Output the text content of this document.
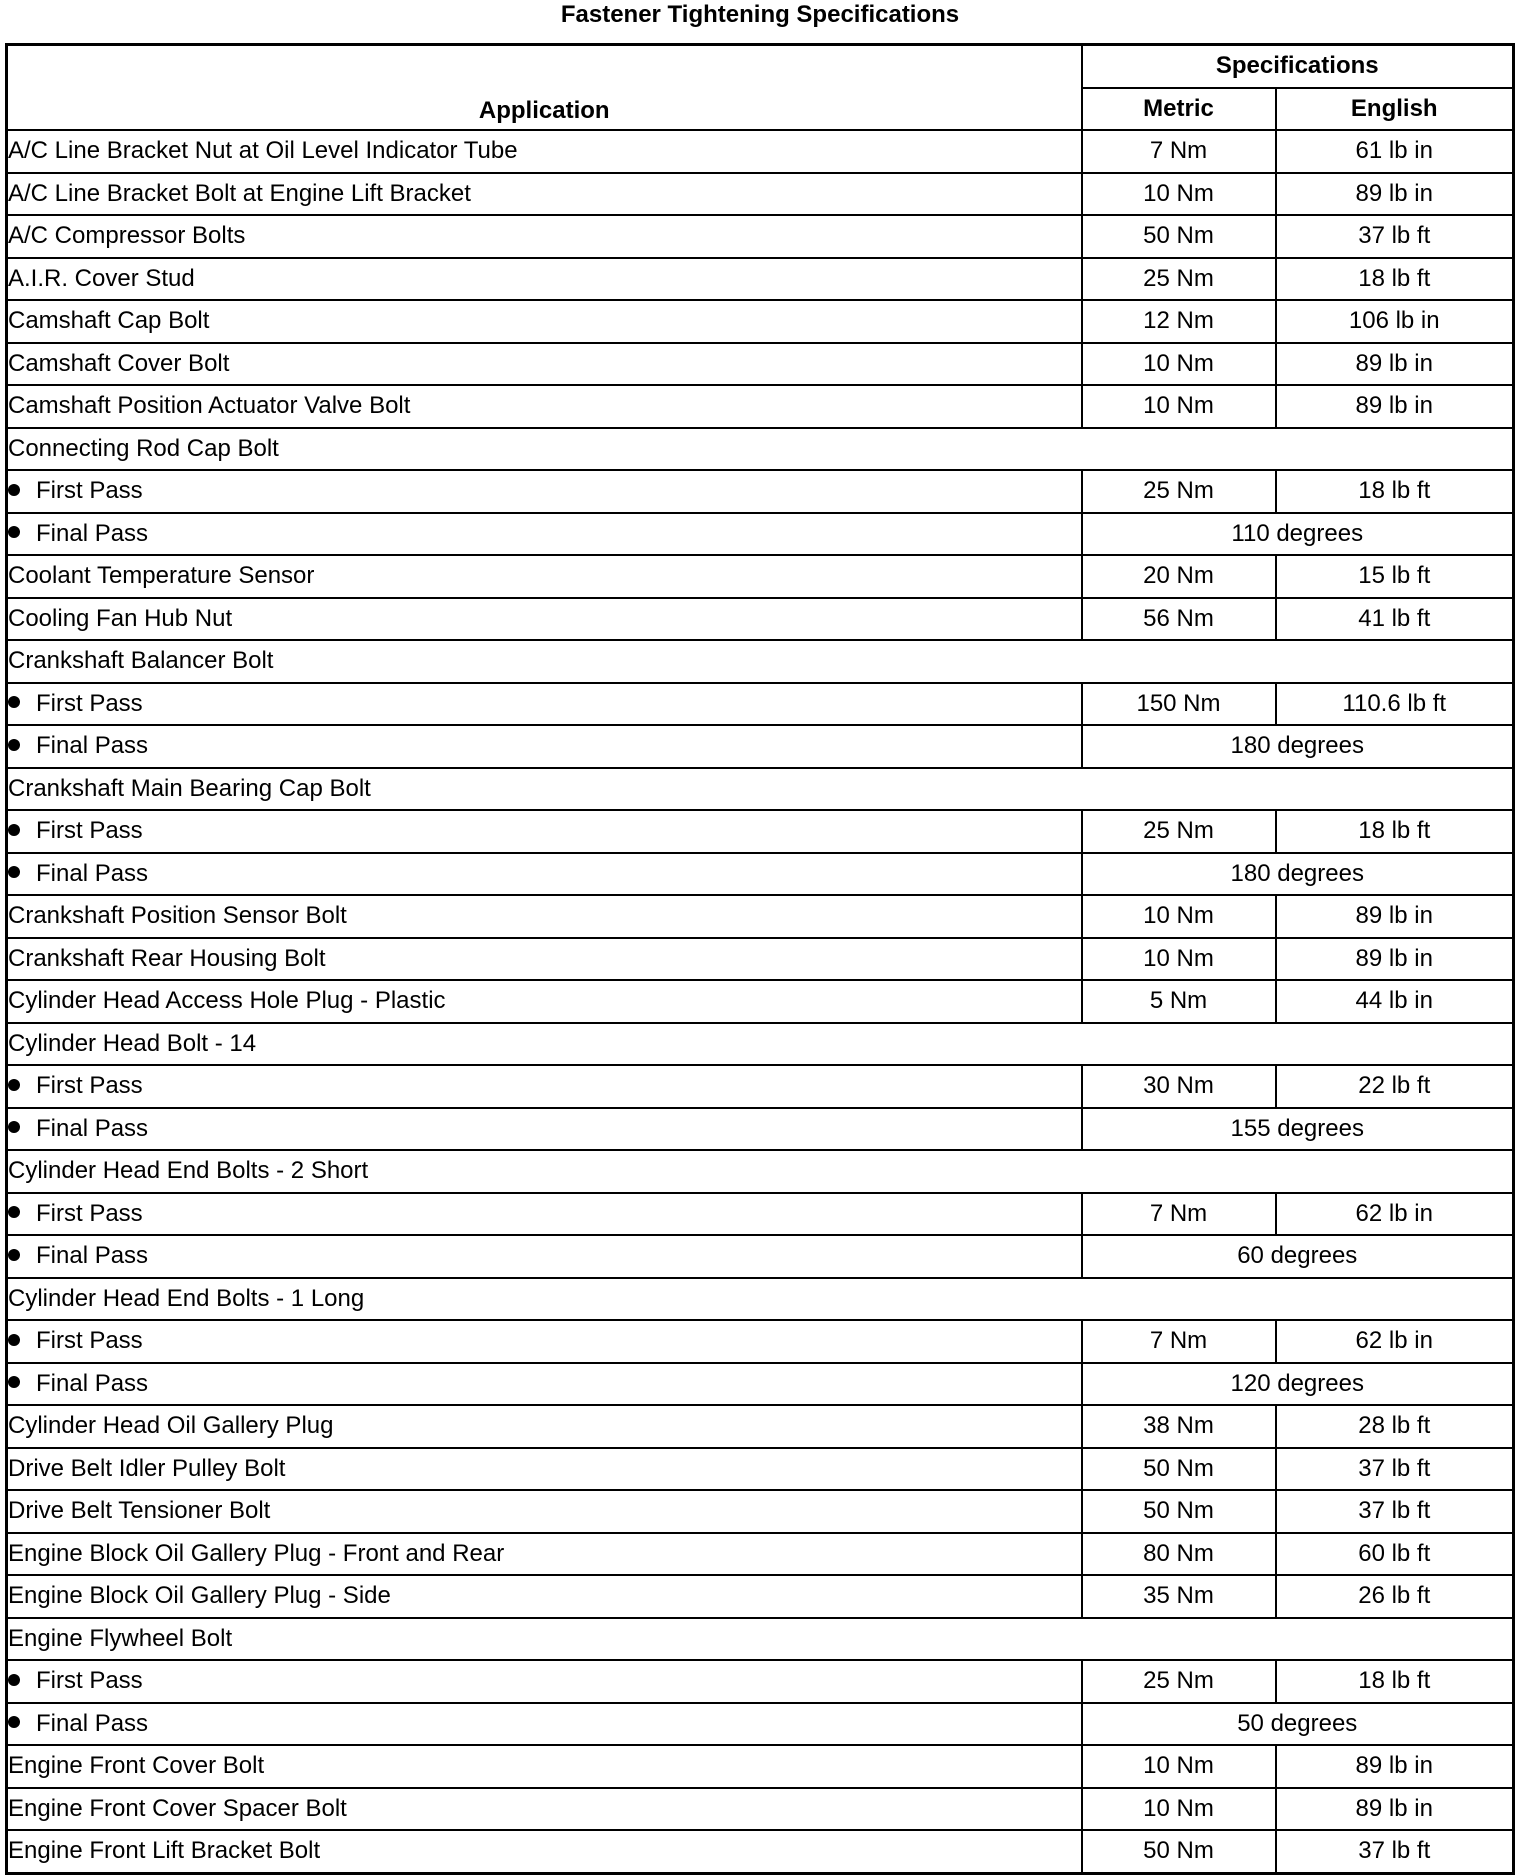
Fastener Tightening Specifications
Application	Specifications	
	Metric	English
A/C Line Bracket Nut at Oil Level Indicator Tube	7 Nm	61 lb in
A/C Line Bracket Bolt at Engine Lift Bracket	10 Nm	89 lb in
A/C Compressor Bolts	50 Nm	37 lb ft
A.I.R. Cover Stud	25 Nm	18 lb ft
Camshaft Cap Bolt	12 Nm	106 lb in
Camshaft Cover Bolt	10 Nm	89 lb in
Camshaft Position Actuator Valve Bolt	10 Nm	89 lb in
Connecting Rod Cap Bolt		
First Pass	25 Nm	18 lb ft
Final Pass	110 degrees	
Coolant Temperature Sensor	20 Nm	15 lb ft
Cooling Fan Hub Nut	56 Nm	41 lb ft
Crankshaft Balancer Bolt		
First Pass	150 Nm	110.6 lb ft
Final Pass	180 degrees	
Crankshaft Main Bearing Cap Bolt		
First Pass	25 Nm	18 lb ft
Final Pass	180 degrees	
Crankshaft Position Sensor Bolt	10 Nm	89 lb in
Crankshaft Rear Housing Bolt	10 Nm	89 lb in
Cylinder Head Access Hole Plug - Plastic	5 Nm	44 lb in
Cylinder Head Bolt - 14		
First Pass	30 Nm	22 lb ft
Final Pass	155 degrees	
Cylinder Head End Bolts - 2 Short		
First Pass	7 Nm	62 lb in
Final Pass	60 degrees	
Cylinder Head End Bolts - 1 Long		
First Pass	7 Nm	62 lb in
Final Pass	120 degrees	
Cylinder Head Oil Gallery Plug	38 Nm	28 lb ft
Drive Belt Idler Pulley Bolt	50 Nm	37 lb ft
Drive Belt Tensioner Bolt	50 Nm	37 lb ft
Engine Block Oil Gallery Plug - Front and Rear	80 Nm	60 lb ft
Engine Block Oil Gallery Plug - Side	35 Nm	26 lb ft
Engine Flywheel Bolt		
First Pass	25 Nm	18 lb ft
Final Pass	50 degrees	
Engine Front Cover Bolt	10 Nm	89 lb in
Engine Front Cover Spacer Bolt	10 Nm	89 lb in
Engine Front Lift Bracket Bolt	50 Nm	37 lb ft
